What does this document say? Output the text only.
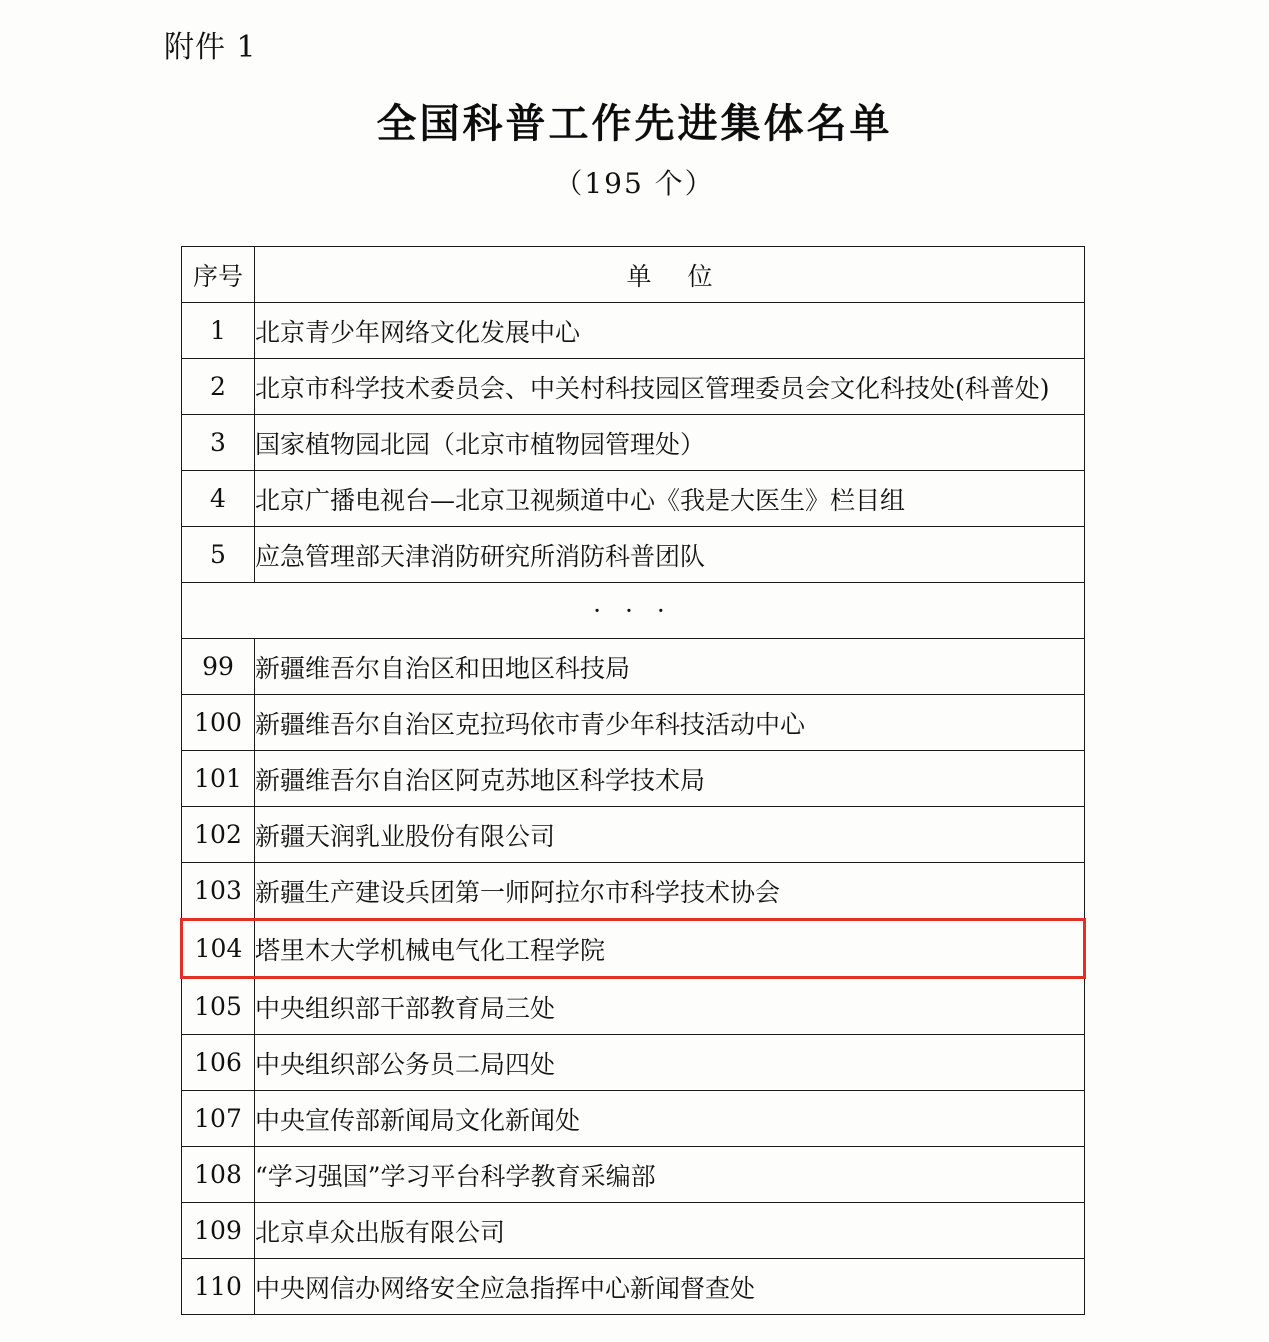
附件 1
全国科普工作先进集体名单
（195 个）
序号	单 位
1	北京青少年网络文化发展中心
2	北京市科学技术委员会、中关村科技园区管理委员会文化科技处(科普处)
3	国家植物园北园（北京市植物园管理处）
4	北京广播电视台—北京卫视频道中心《我是大医生》栏目组
5	应急管理部天津消防研究所消防科普团队
· · ·	
99	新疆维吾尔自治区和田地区科技局
100	新疆维吾尔自治区克拉玛依市青少年科技活动中心
101	新疆维吾尔自治区阿克苏地区科学技术局
102	新疆天润乳业股份有限公司
103	新疆生产建设兵团第一师阿拉尔市科学技术协会
104	塔里木大学机械电气化工程学院
105	中央组织部干部教育局三处
106	中央组织部公务员二局四处
107	中央宣传部新闻局文化新闻处
108	“学习强国”学习平台科学教育采编部
109	北京卓众出版有限公司
110	中央网信办网络安全应急指挥中心新闻督查处
